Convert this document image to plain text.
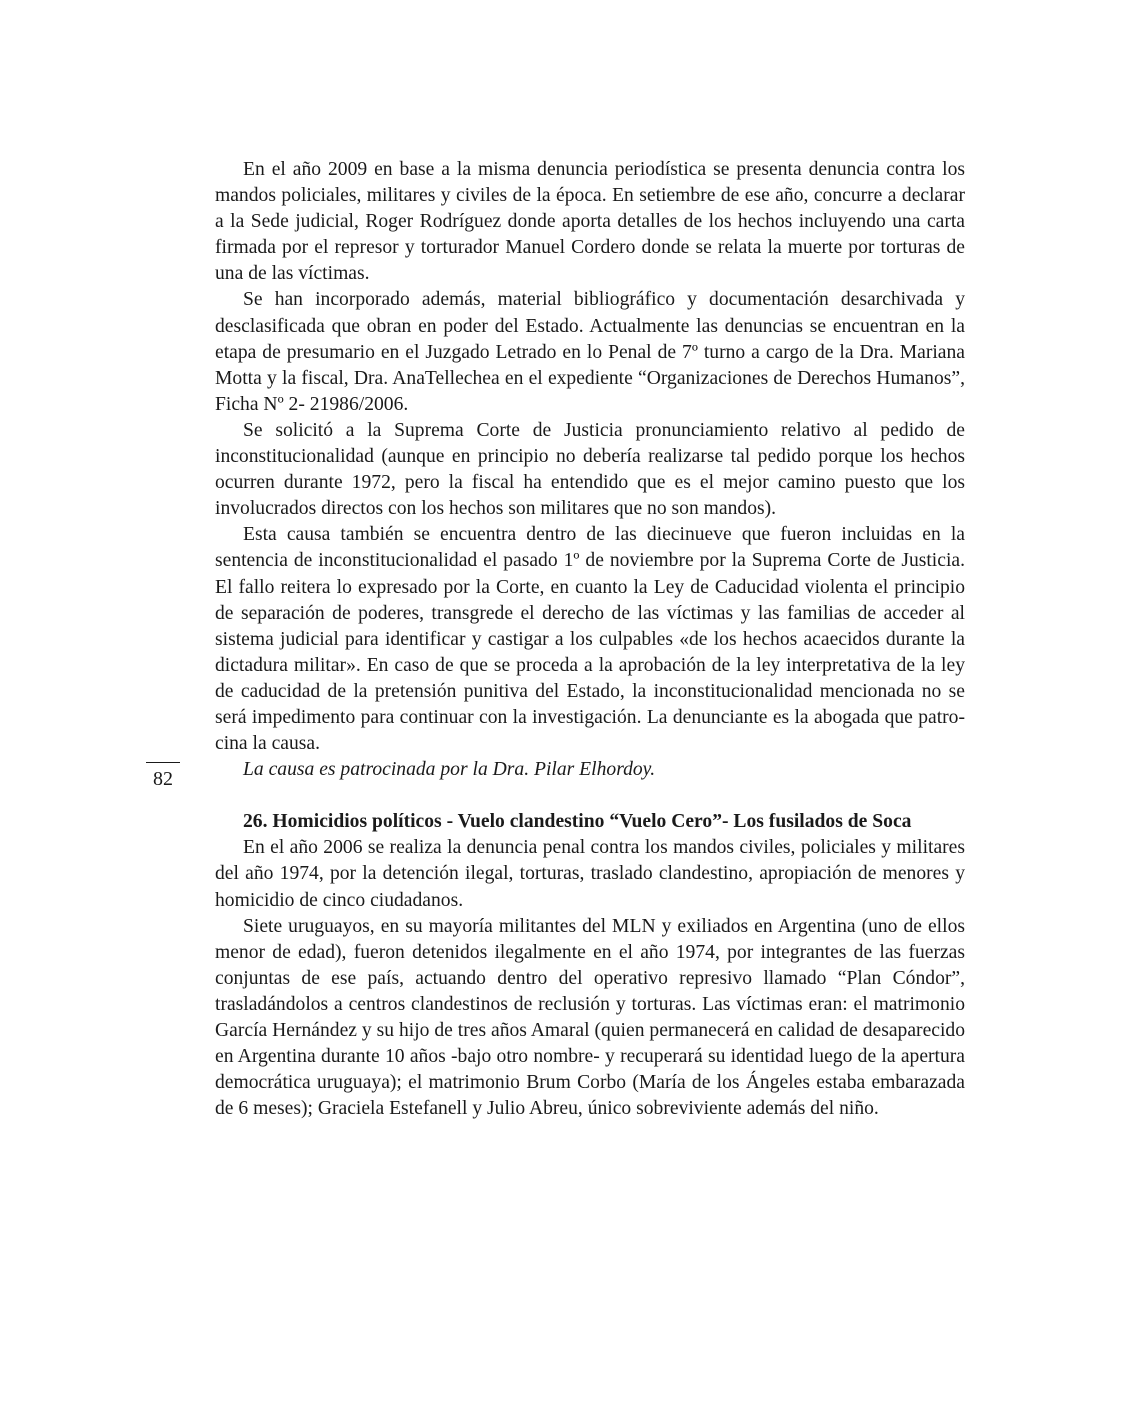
82

En el año 2009 en base a la misma denuncia periodística se presenta denuncia contra los mandos policiales, militares y civiles de la época. En setiembre de ese año, concurre a declarar a la Sede judicial, Roger Rodríguez donde aporta detalles de los hechos incluyendo una carta firmada por el represor y torturador Manuel Cordero donde se relata la muerte por torturas de una de las víctimas.

Se han incorporado además, material bibliográfico y documentación desarchivada y desclasificada que obran en poder del Estado. Actualmente las denuncias se encuentran en la etapa de presumario en el Juzgado Letrado en lo Penal de 7º turno a cargo de la Dra. Mariana Motta y la fiscal, Dra. AnaTellechea en el expediente “Organizaciones de Derechos Humanos”, Ficha Nº 2- 21986/2006.

Se solicitó a la Suprema Corte de Justicia pronunciamiento relativo al pedido de inconstitucionalidad (aunque en principio no debería realizarse tal pedido porque los hechos ocurren durante 1972, pero la fiscal ha entendido que es el mejor camino puesto que los involucrados directos con los hechos son militares que no son mandos).

Esta causa también se encuentra dentro de las diecinueve que fueron incluidas en la sentencia de inconstitucionalidad el pasado 1º de noviembre por la Suprema Corte de Justicia. El fallo reitera lo expresado por la Corte, en cuanto la Ley de Caducidad violenta el principio de separación de poderes, transgrede el derecho de las víctimas y las familias de acceder al sistema judicial para identificar y castigar a los culpables «de los hechos acaecidos durante la dictadura militar». En caso de que se proceda a la aprobación de la ley interpretativa de la ley de caducidad de la pretensión punitiva del Estado, la inconstitucionalidad mencionada no se será impedimento para continuar con la investigación. La denunciante es la abogada que patrocina la causa.

La causa es patrocinada por la Dra. Pilar Elhordoy.

26. Homicidios políticos - Vuelo clandestino “Vuelo Cero”- Los fusilados de Soca

En el año 2006 se realiza la denuncia penal contra los mandos civiles, policiales y militares del año 1974, por la detención ilegal, torturas, traslado clandestino, apropiación de menores y homicidio de cinco ciudadanos.

Siete uruguayos, en su mayoría militantes del MLN y exiliados en Argentina (uno de ellos menor de edad), fueron detenidos ilegalmente en el año 1974, por integrantes de las fuerzas conjuntas de ese país, actuando dentro del operativo represivo llamado “Plan Cóndor”, trasladándolos a centros clandestinos de reclusión y torturas. Las víctimas eran: el matrimonio García Hernández y su hijo de tres años Amaral (quien permanecerá en calidad de desaparecido en Argentina durante 10 años -bajo otro nombre- y recuperará su identidad luego de la apertura democrática uruguaya); el matrimonio Brum Corbo (María de los Ángeles estaba embarazada de 6 meses); Graciela Estefanell y Julio Abreu, único sobreviviente además del niño.
